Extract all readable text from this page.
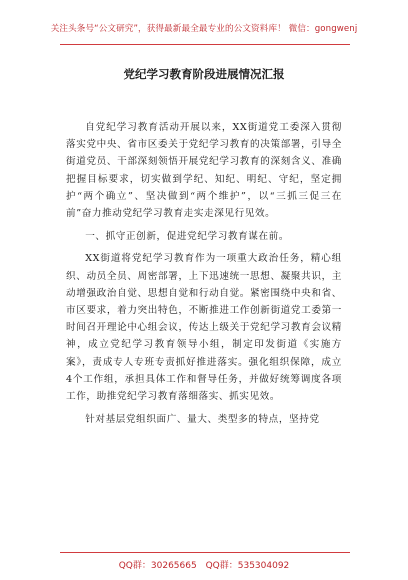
关注头条号“公文研究”，获得最新最全最专业的公文资料库！ 微信：gongwenj
党纪学习教育阶段进展情况汇报

自党纪学习教育活动开展以来，XX街道党工委深入贯彻落实党中央、省市区委关于党纪学习教育的决策部署，引导全街道党员、干部深刻领悟开展党纪学习教育的深刻含义、准确把握目标要求，切实做到学纪、知纪、明纪、守纪，坚定拥护“两个确立”、坚决做到“两个维护”，以“三抓三促三在前”奋力推动党纪学习教育走实走深见行见效。

一、抓守正创新，促进党纪学习教育谋在前。

XX街道将党纪学习教育作为一项重大政治任务，精心组织、动员全员、周密部署，上下迅速统一思想、凝聚共识，主动增强政治自觉、思想自觉和行动自觉。紧密围绕中央和省、市区要求，着力突出特色，不断推进工作创新街道党工委第一时间召开理论中心组会议，传达上级关于党纪学习教育会议精神，成立党纪学习教育领导小组，制定印发街道《实施方案》，责成专人专班专责抓好推进落实。强化组织保障，成立4个工作组，承担具体工作和督导任务，并做好统筹调度各项工作，助推党纪学习教育落细落实、抓实见效。

针对基层党组织面广、量大、类型多的特点，坚持党

QQ群：30265665 QQ群：535304092
